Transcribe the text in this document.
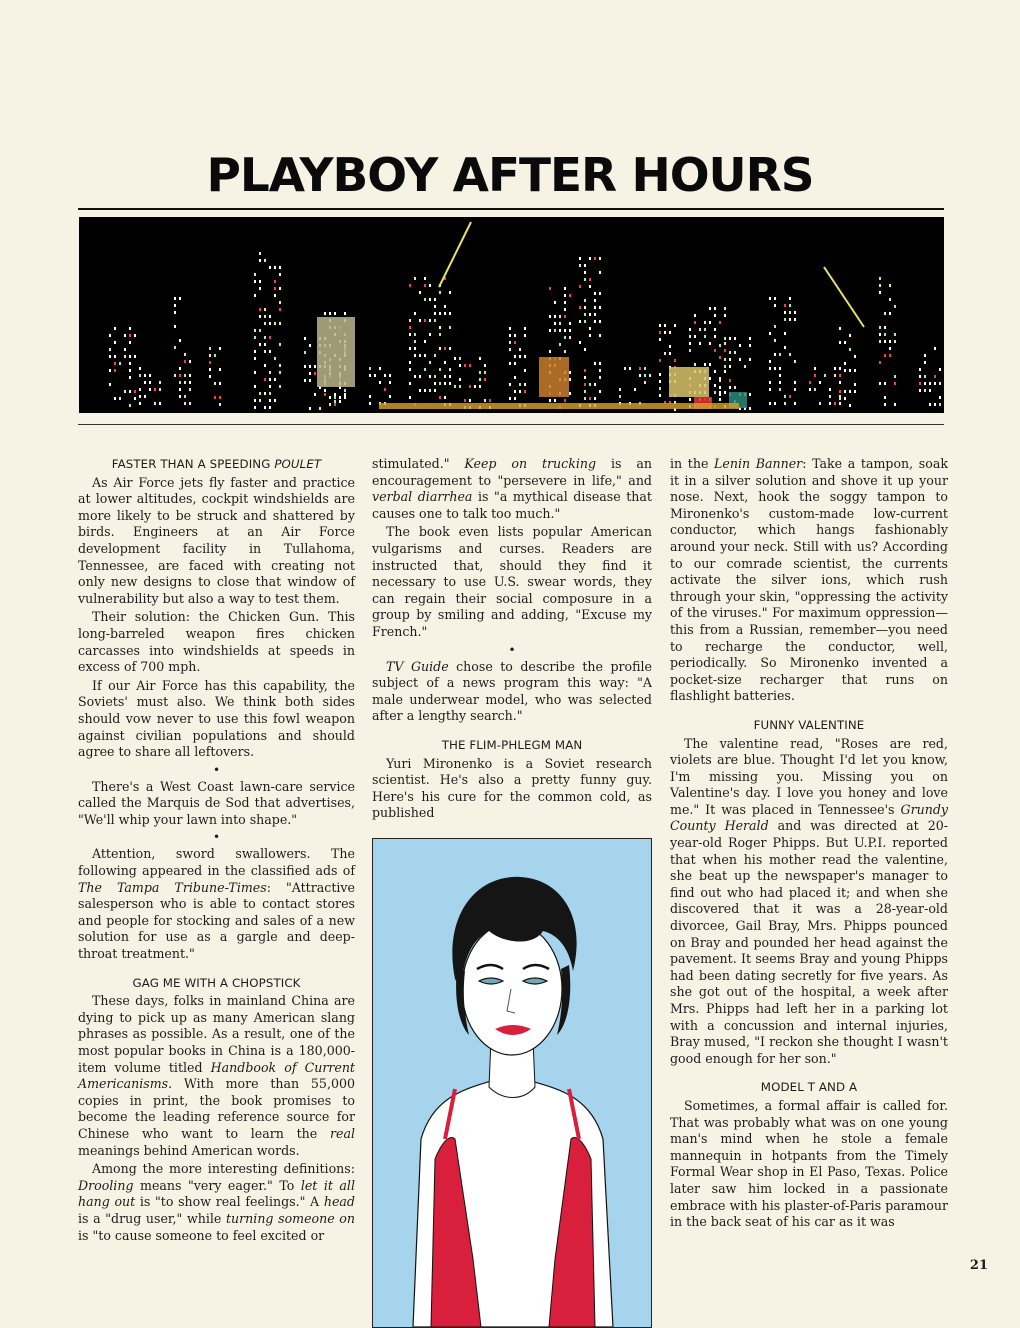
PLAYBOY AFTER HOURS

FASTER THAN A SPEEDING POULET

As Air Force jets fly faster and practice at lower altitudes, cockpit windshields are more likely to be struck and shattered by birds. Engineers at an Air Force development facility in Tullahoma, Tennessee, are faced with creating not only new designs to close that window of vulnerability but also a way to test them.

Their solution: the Chicken Gun. This long-barreled weapon fires chicken carcasses into windshields at speeds in excess of 700 mph.

If our Air Force has this capability, the Soviets' must also. We think both sides should vow never to use this fowl weapon against civilian populations and should agree to share all leftovers.

•

There's a West Coast lawn-care service called the Marquis de Sod that advertises, "We'll whip your lawn into shape."

•

Attention, sword swallowers. The following appeared in the classified ads of The Tampa Tribune-Times: "Attractive salesperson who is able to contact stores and people for stocking and sales of a new solution for use as a gargle and deep-throat treatment."

GAG ME WITH A CHOPSTICK

These days, folks in mainland China are dying to pick up as many American slang phrases as possible. As a result, one of the most popular books in China is a 180,000-item volume titled Handbook of Current Americanisms. With more than 55,000 copies in print, the book promises to become the leading reference source for Chinese who want to learn the real meanings behind American words.

Among the more interesting definitions: Drooling means "very eager." To let it all hang out is "to show real feelings." A head is a "drug user," while turning someone on is "to cause someone to feel excited or

stimulated." Keep on trucking is an encouragement to "persevere in life," and verbal diarrhea is "a mythical disease that causes one to talk too much."

The book even lists popular American vulgarisms and curses. Readers are instructed that, should they find it necessary to use U.S. swear words, they can regain their social composure in a group by smiling and adding, "Excuse my French."

•

TV Guide chose to describe the profile subject of a news program this way: "A male underwear model, who was selected after a lengthy search."

THE FLIM-PHLEGM MAN

Yuri Mironenko is a Soviet research scientist. He's also a pretty funny guy. Here's his cure for the common cold, as published

in the Lenin Banner: Take a tampon, soak it in a silver solution and shove it up your nose. Next, hook the soggy tampon to Mironenko's custom-made low-current conductor, which hangs fashionably around your neck. Still with us? According to our comrade scientist, the currents activate the silver ions, which rush through your skin, "oppressing the activity of the viruses." For maximum oppression—this from a Russian, remember—you need to recharge the conductor, well, periodically. So Mironenko invented a pocket-size recharger that runs on flashlight batteries.

FUNNY VALENTINE

The valentine read, "Roses are red, violets are blue. Thought I'd let you know, I'm missing you. Missing you on Valentine's day. I love you honey and love me." It was placed in Tennessee's Grundy County Herald and was directed at 20-year-old Roger Phipps. But U.P.I. reported that when his mother read the valentine, she beat up the newspaper's manager to find out who had placed it; and when she discovered that it was a 28-year-old divorcee, Gail Bray, Mrs. Phipps pounced on Bray and pounded her head against the pavement. It seems Bray and young Phipps had been dating secretly for five years. As she got out of the hospital, a week after Mrs. Phipps had left her in a parking lot with a concussion and internal injuries, Bray mused, "I reckon she thought I wasn't good enough for her son."

MODEL T AND A

Sometimes, a formal affair is called for. That was probably what was on one young man's mind when he stole a female mannequin in hotpants from the Timely Formal Wear shop in El Paso, Texas. Police later saw him locked in a passionate embrace with his plaster-of-Paris paramour in the back seat of his car as it was

21
